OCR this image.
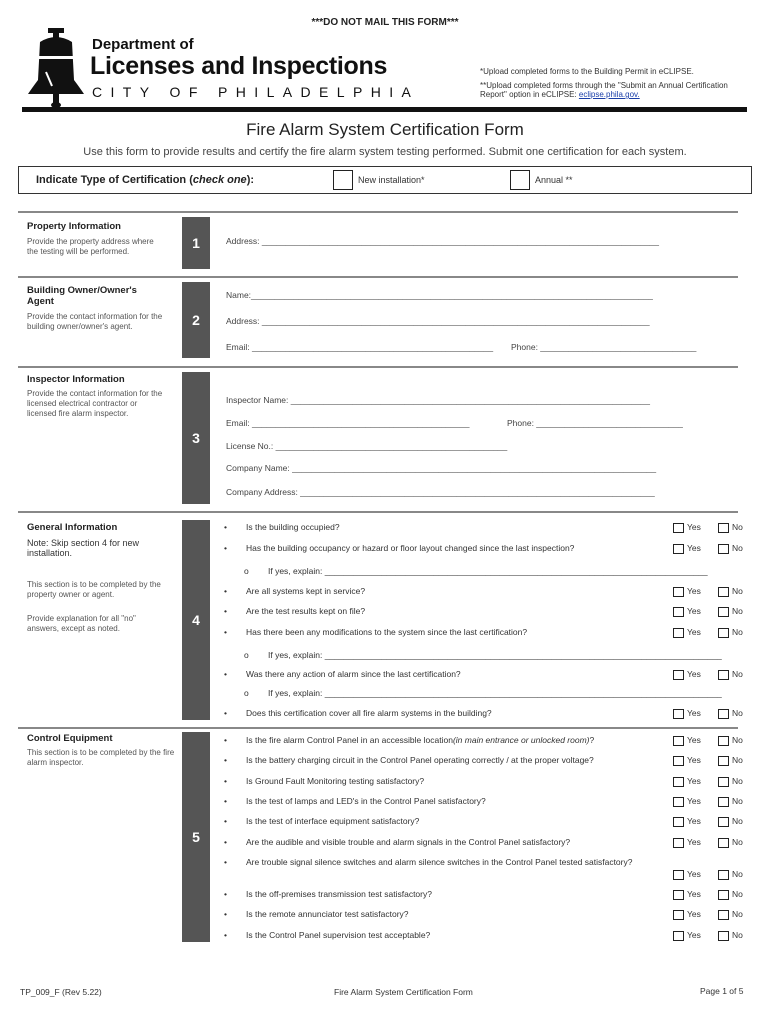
***DO NOT MAIL THIS FORM***
Department of
Licenses and Inspections
CITY OF PHILADELPHIA
*Upload completed forms to the Building Permit in eCLIPSE.
**Upload completed forms through the "Submit an Annual Certification Report" option in eCLIPSE: eclipse.phila.gov.
Fire Alarm System Certification Form
Use this form to provide results and certify the fire alarm system testing performed. Submit one certification for each system.
Indicate Type of Certification (check one):	New installation*	Annual **
Property Information
Provide the property address where the testing will be performed.
1	Address: ____________________________________________________________________________________
Building Owner/Owner's Agent
Provide the contact information for the building owner/owner's agent.	2
Name:_____________________________________________________________________________________
Address: __________________________________________________________________________________
Email: ___________________________________________________ Phone: _________________________________
Inspector Information
Provide the contact information for the licensed electrical contractor or licensed fire alarm inspector.
3
Inspector Name: ____________________________________________________________________________
Email: ______________________________________________	Phone: _______________________________
License No.: _________________________________________________
Company Name: _____________________________________________________________________________
Company Address: ___________________________________________________________________________
General Information
Note: Skip section 4 for new installation.
This section is to be completed by the property owner or agent.
Provide explanation for all "no" answers, except as noted.
4
• Is the building occupied?	Yes	No
• Has the building occupancy or hazard or floor layout changed since the last inspection?	Yes	No
o If yes, explain: _________________________________________________________________________________
• Are all systems kept in service?	Yes	No
• Are the test results kept on file?	Yes	No
• Has there been any modifications to the system since the last certification?	Yes	No
o If yes, explain: ____________________________________________________________________________________
• Was there any action of alarm since the last certification?	Yes	No
o If yes, explain: ____________________________________________________________________________________
• Does this certification cover all fire alarm systems in the building?	Yes	No
Control Equipment
This section is to be completed by the fire alarm inspector.
5
• Is the fire alarm Control Panel in an accessible location(in main entrance or unlocked room)?	Yes	No
• Is the battery charging circuit in the Control Panel operating correctly / at the proper voltage?	Yes	No
• Is Ground Fault Monitoring testing satisfactory?	Yes	No
• Is the test of lamps and LED's in the Control Panel satisfactory?	Yes	No
• Is the test of interface equipment satisfactory?	Yes	No
• Are the audible and visible trouble and alarm signals in the Control Panel satisfactory?	Yes	No
• Are trouble signal silence switches and alarm silence switches in the Control Panel tested satisfactory?
Yes	No
• Is the off-premises transmission test satisfactory?	Yes	No
• Is the remote annunciator test satisfactory?	Yes	No
• Is the Control Panel supervision test acceptable?	Yes	No
TP_009_F (Rev 5.22)	Fire Alarm System Certification Form	Page 1 of 5
